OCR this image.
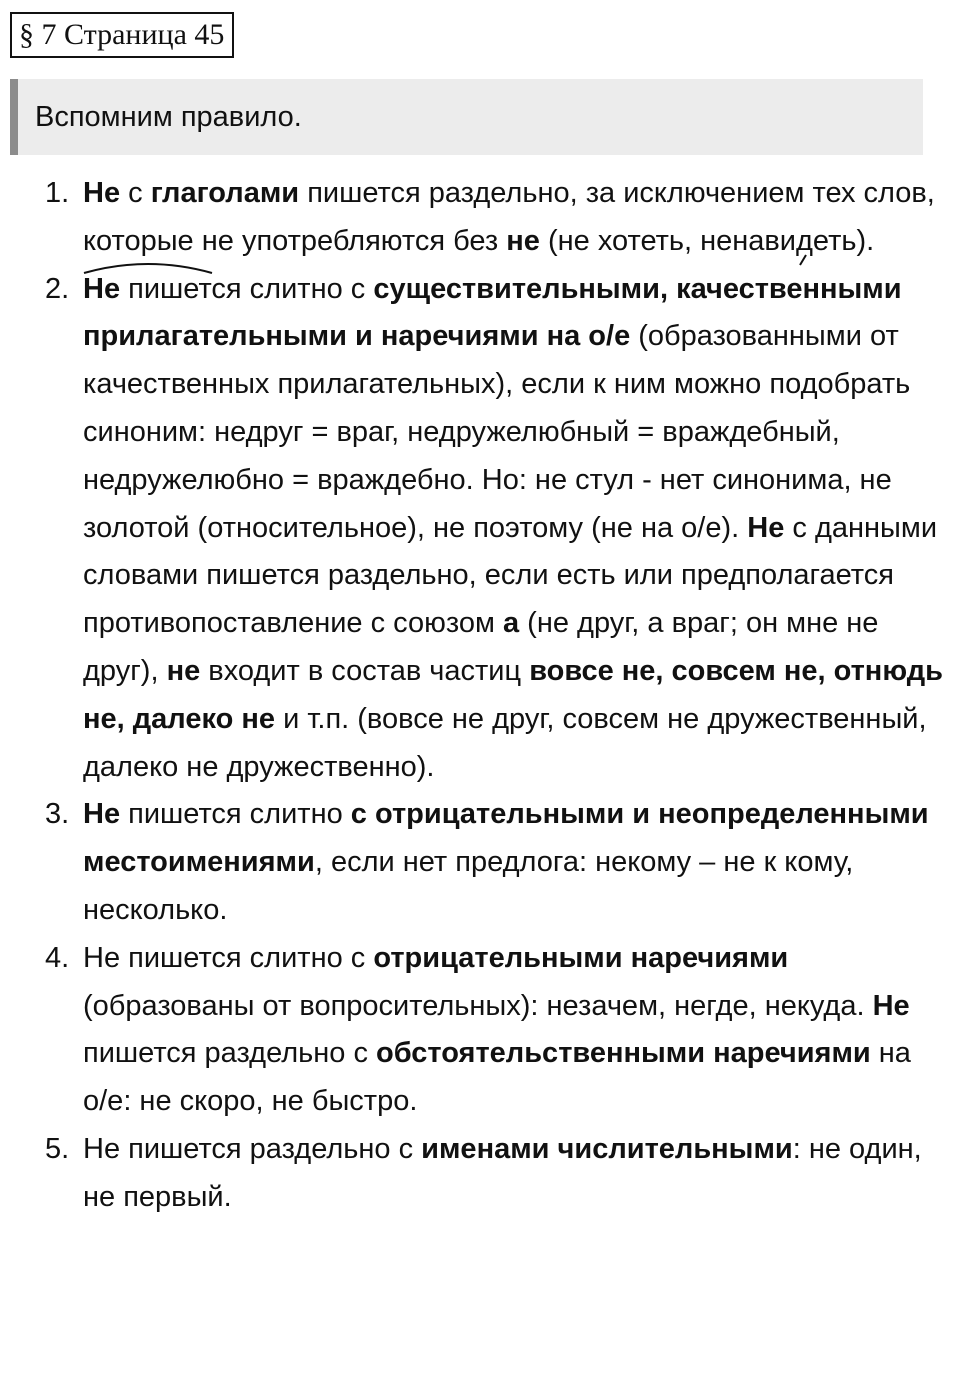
§ 7 Страница 45
Вспомним правило.
1. Не с глаголами пишется раздельно, за исключением тех слов, которые не употребляются без не (не хотеть, ненавидеть).
2. Не пишется слитно с существительными, качественными прилагательными и наречиями на о/е (образованными от качественных прилагательных), если к ним можно подобрать синоним: недруг = враг, недружелюбный = враждебный, недружелюбно = враждебно. Но: не стул - нет синонима, не золотой (относительное), не поэтому (не на о/е). Не с данными словами пишется раздельно, если есть или предполагается противопоставление с союзом а (не друг, а враг; он мне не друг), не входит в состав частиц вовсе не, совсем не, отнюдь не, далеко не и т.п. (вовсе не друг, совсем не дружественный, далеко не дружественно).
3. Не пишется слитно с отрицательными и неопределенными местоимениями, если нет предлога: некому – не к кому, несколько.
4. Не пишется слитно с отрицательными наречиями (образованы от вопросительных): незачем, негде, некуда. Не пишется раздельно с обстоятельственными наречиями на о/е: не скоро, не быстро.
5. Не пишется раздельно с именами числительными: не один, не первый.
